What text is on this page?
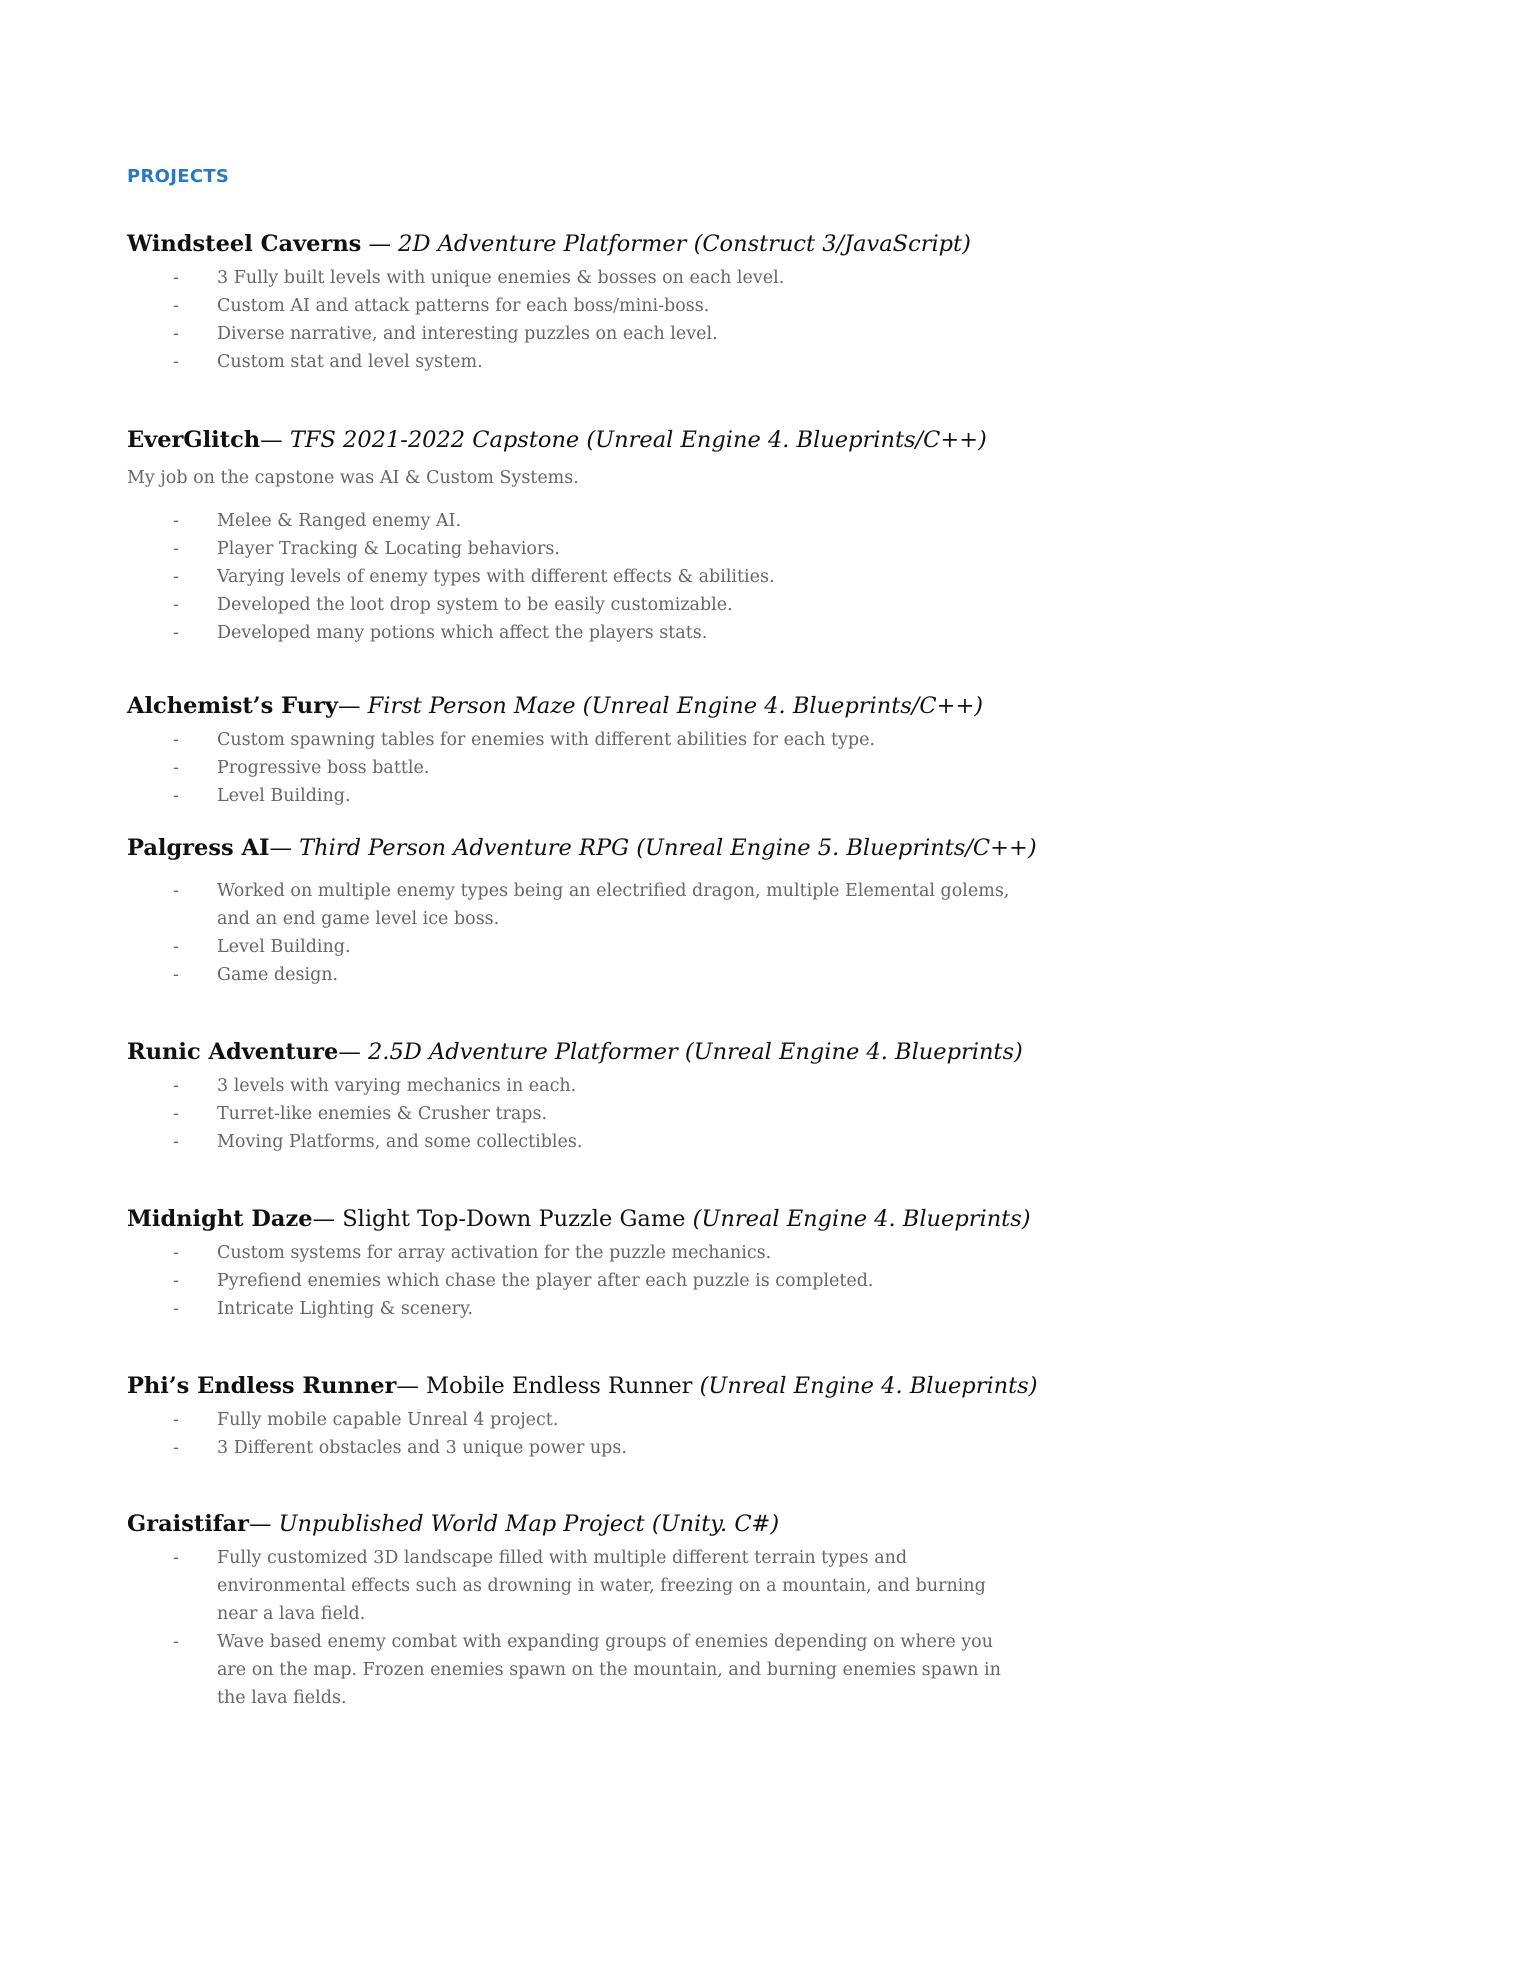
PROJECTS
Windsteel Caverns — 2D Adventure Platformer (Construct 3/JavaScript)
- 3 Fully built levels with unique enemies & bosses on each level.
- Custom AI and attack patterns for each boss/mini-boss.
- Diverse narrative, and interesting puzzles on each level.
- Custom stat and level system.
EverGlitch— TFS 2021-2022 Capstone (Unreal Engine 4. Blueprints/C++)

My job on the capstone was AI & Custom Systems.

- Melee & Ranged enemy AI.
- Player Tracking & Locating behaviors.
- Varying levels of enemy types with different effects & abilities.
- Developed the loot drop system to be easily customizable.
- Developed many potions which affect the players stats.
Alchemist’s Fury— First Person Maze (Unreal Engine 4. Blueprints/C++)
- Custom spawning tables for enemies with different abilities for each type.
- Progressive boss battle.
- Level Building.
Palgress AI— Third Person Adventure RPG (Unreal Engine 5. Blueprints/C++)
- Worked on multiple enemy types being an electrified dragon, multiple Elemental golems, and an end game level ice boss.
- Level Building.
- Game design.
Runic Adventure— 2.5D Adventure Platformer (Unreal Engine 4. Blueprints)
- 3 levels with varying mechanics in each.
- Turret-like enemies & Crusher traps.
- Moving Platforms, and some collectibles.
Midnight Daze— Slight Top-Down Puzzle Game (Unreal Engine 4. Blueprints)
- Custom systems for array activation for the puzzle mechanics.
- Pyrefiend enemies which chase the player after each puzzle is completed.
- Intricate Lighting & scenery.
Phi’s Endless Runner— Mobile Endless Runner (Unreal Engine 4. Blueprints)
- Fully mobile capable Unreal 4 project.
- 3 Different obstacles and 3 unique power ups.
Graistifar— Unpublished World Map Project (Unity. C#)
- Fully customized 3D landscape filled with multiple different terrain types and environmental effects such as drowning in water, freezing on a mountain, and burning near a lava field.
- Wave based enemy combat with expanding groups of enemies depending on where you are on the map. Frozen enemies spawn on the mountain, and burning enemies spawn in the lava fields.
